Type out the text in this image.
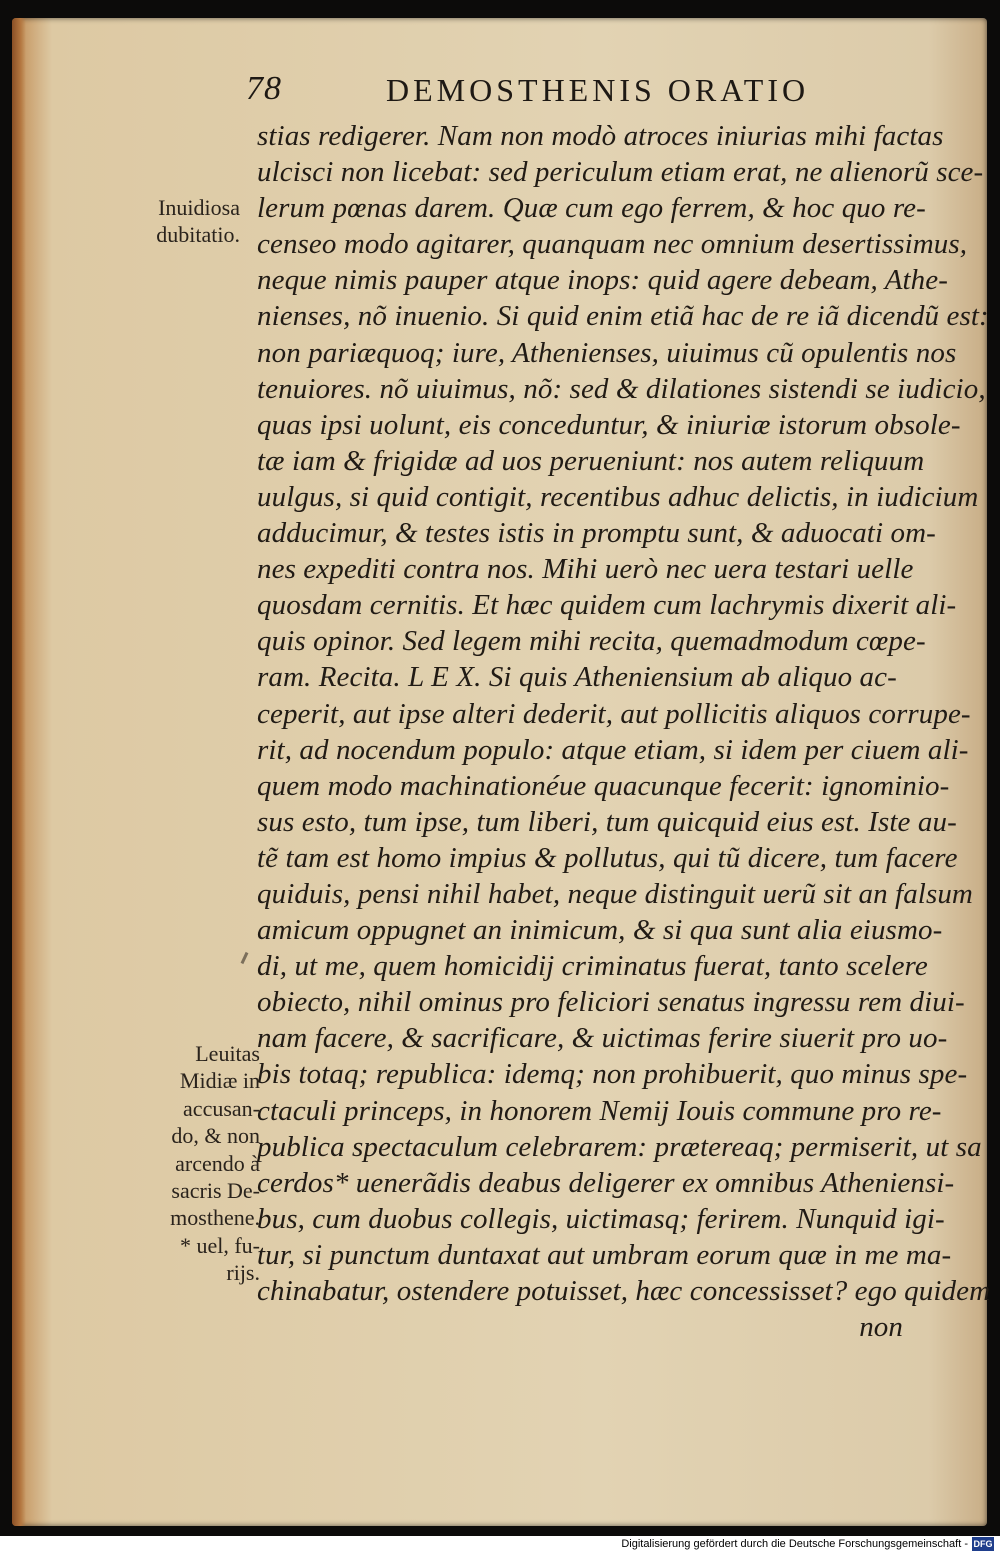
78	DEMOSTHENIS ORATIO
stias redigerer. Nam non modò atroces iniurias mihi factas
ulcisci non licebat: sed periculum etiam erat, ne alienorũ sce-
lerum pœnas darem. Quæ cum ego ferrem, & hoc quo re-
censeo modo agitarer, quanquam nec omnium desertissimus,
neque nimis pauper atque inops: quid agere debeam, Athe-
nienses, nõ inuenio. Si quid enim etiã hac de re iã dicendũ est:
non pariæquoq; iure, Athenienses, uiuimus cũ opulentis nos
tenuiores. nõ uiuimus, nõ: sed & dilationes sistendi se iudicio,
quas ipsi uolunt, eis conceduntur, & iniuriæ istorum obsole-
tæ iam & frigidæ ad uos perueniunt: nos autem reliquum
uulgus, si quid contigit, recentibus adhuc delictis, in iudicium
adducimur, & testes istis in promptu sunt, & aduocati om-
nes expediti contra nos. Mihi uerò nec uera testari uelle
quosdam cernitis. Et hæc quidem cum lachrymis dixerit ali-
quis opinor. Sed legem mihi recita, quemadmodum cœpe-
ram. Recita. L E X. Si quis Atheniensium ab aliquo ac-
ceperit, aut ipse alteri dederit, aut pollicitis aliquos corrupe-
rit, ad nocendum populo: atque etiam, si idem per ciuem ali-
quem modo machinationéue quacunque fecerit: ignominio-
sus esto, tum ipse, tum liberi, tum quicquid eius est. Iste au-
tẽ tam est homo impius & pollutus, qui tũ dicere, tum facere
quiduis, pensi nihil habet, neque distinguit uerũ sit an falsum
amicum oppugnet an inimicum, & si qua sunt alia eiusmo-
di, ut me, quem homicidij criminatus fuerat, tanto scelere
obiecto, nihil ominus pro feliciori senatus ingressu rem diui-
nam facere, & sacrificare, & uictimas ferire siuerit pro uo-
bis totaq; republica: idemq; non prohibuerit, quo minus spe-
ctaculi princeps, in honorem Nemij Iouis commune pro re-
publica spectaculum celebrarem: prætereaq; permiserit, ut sa
cerdos* uenerãdis deabus deligerer ex omnibus Atheniensi-
bus, cum duobus collegis, uictimasq; ferirem. Nunquid igi-
tur, si punctum duntaxat aut umbram eorum quæ in me ma-
chinabatur, ostendere potuisset, hæc concessisset? ego quidem
non
Inuidiosa
dubitatio.
Leuitas
Midiæ in
accusan-
do, & non
arcendo à
sacris De-
mosthene.
* uel, fu-
rijs.
Digitalisierung gefördert durch die Deutsche Forschungsgemeinschaft - DFG
